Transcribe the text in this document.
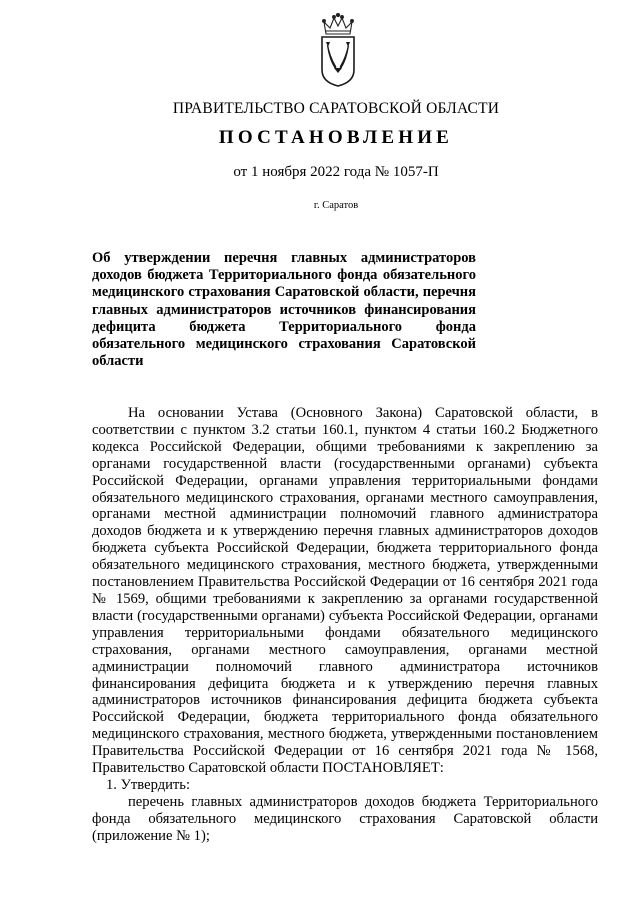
ПРАВИТЕЛЬСТВО САРАТОВСКОЙ ОБЛАСТИ
ПОСТАНОВЛЕНИЕ
от 1 ноября 2022 года № 1057-П
г. Саратов
Об утверждении перечня главных администраторов доходов бюджета Территориального фонда обязательного медицинского страхования Саратовской области, перечня главных администраторов источников финансирования дефицита бюджета Территориального фонда обязательного медицинского страхования Саратовской области

На основании Устава (Основного Закона) Саратовской области, в соответствии с пунктом 3.2 статьи 160.1, пунктом 4 статьи 160.2 Бюджетного кодекса Российской Федерации, общими требованиями к закреплению за органами государственной власти (государственными органами) субъекта Российской Федерации, органами управления территориальными фондами обязательного медицинского страхования, органами местного самоуправления, органами местной администрации полномочий главного администратора доходов бюджета и к утверждению перечня главных администраторов доходов бюджета субъекта Российской Федерации, бюджета территориального фонда обязательного медицинского страхования, местного бюджета, утвержденными постановлением Правительства Российской Федерации от 16 сентября 2021 года № 1569, общими требованиями к закреплению за органами государственной власти (государственными органами) субъекта Российской Федерации, органами управления территориальными фондами обязательного медицинского страхования, органами местного самоуправления, органами местной администрации полномочий главного администратора источников финансирования дефицита бюджета и к утверждению перечня главных администраторов источников финансирования дефицита бюджета субъекта Российской Федерации, бюджета территориального фонда обязательного медицинского страхования, местного бюджета, утвержденными постановлением Правительства Российской Федерации от 16 сентября 2021 года № 1568, Правительство Саратовской области ПОСТАНОВЛЯЕТ:

1. Утвердить:

перечень главных администраторов доходов бюджета Территориального фонда обязательного медицинского страхования Саратовской области (приложение № 1);
